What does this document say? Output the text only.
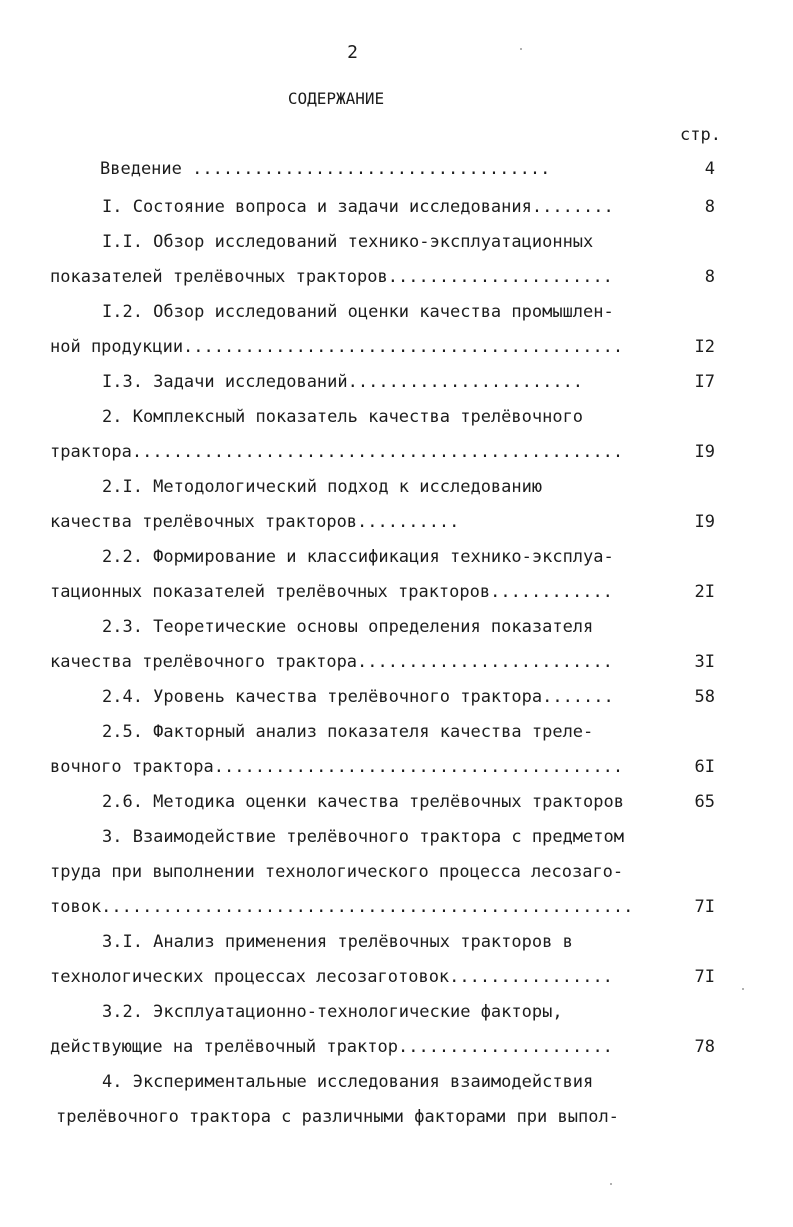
2
СОДЕРЖАНИЕ
стр.
Введение ...................................	4
I. Состояние вопроса и задачи исследования........	8
I.I. Обзор исследований технико-эксплуатационных
показателей трелёвочных тракторов......................	8
I.2. Обзор исследований оценки качества промышлен-
ной продукции...........................................	I2
I.3. Задачи исследований.......................	I7
2. Комплексный показатель качества трелёвочного
трактора................................................	I9
2.I. Методологический подход к исследованию
качества трелёвочных тракторов..........	I9
2.2. Формирование и классификация технико-эксплуа-
тационных показателей трелёвочных тракторов............	2I
2.3. Теоретические основы определения показателя
качества трелёвочного трактора.........................	3I
2.4. Уровень качества трелёвочного трактора.......	58
2.5. Факторный анализ показателя качества треле-
вочного трактора........................................	6I
2.6. Методика оценки качества трелёвочных тракторов	65
3. Взаимодействие трелёвочного трактора с предметом
труда при выполнении технологического процесса лесозаго-
товок....................................................	7I
3.I. Анализ применения трелёвочных тракторов в
технологических процессах лесозаготовок................	7I
3.2. Эксплуатационно-технологические факторы,
действующие на трелёвочный трактор.....................	78
4. Экспериментальные исследования взаимодействия
трелёвочного трактора с различными факторами при выпол-
